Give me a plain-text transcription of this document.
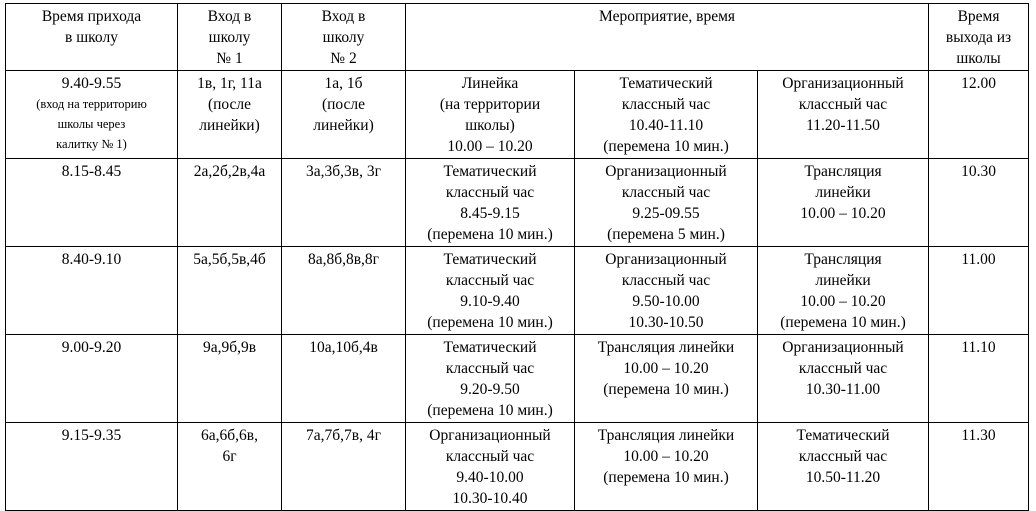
Время прихода
в школу	Вход в
школу
№ 1	Вход в
школу
№ 2	Мероприятие, время			Время
выхода из
школы

9.40-9.55
(вход на территорию
школы через
калитку № 1)	1в, 1г, 11а
(после
линейки)	1а, 1б
(после
линейки)	Линейка
(на территории
школы)
10.00 – 10.20	Тематический
классный час
10.40-11.10
(перемена 10 мин.)	Организационный
классный час
11.20-11.50	12.00

8.15-8.45	2а,2б,2в,4а	3а,3б,3в, 3г	Тематический
классный час
8.45-9.15
(перемена 10 мин.)	Организационный
классный час
9.25-09.55
(перемена 5 мин.)	Трансляция
линейки
10.00 – 10.20	10.30

8.40-9.10	5а,5б,5в,4б	8а,8б,8в,8г	Тематический
классный час
9.10-9.40
(перемена 10 мин.)	Организационный
классный час
9.50-10.00
10.30-10.50	Трансляция
линейки
10.00 – 10.20
(перемена 10 мин.)	11.00

9.00-9.20	9а,9б,9в	10а,10б,4в	Тематический
классный час
9.20-9.50
(перемена 10 мин.)	Трансляция линейки
10.00 – 10.20
(перемена 10 мин.)	Организационный
классный час
10.30-11.00	11.10

9.15-9.35	6а,6б,6в,
6г	7а,7б,7в, 4г	Организационный
классный час
9.40-10.00
10.30-10.40	Трансляция линейки
10.00 – 10.20
(перемена 10 мин.)	Тематический
классный час
10.50-11.20	11.30
